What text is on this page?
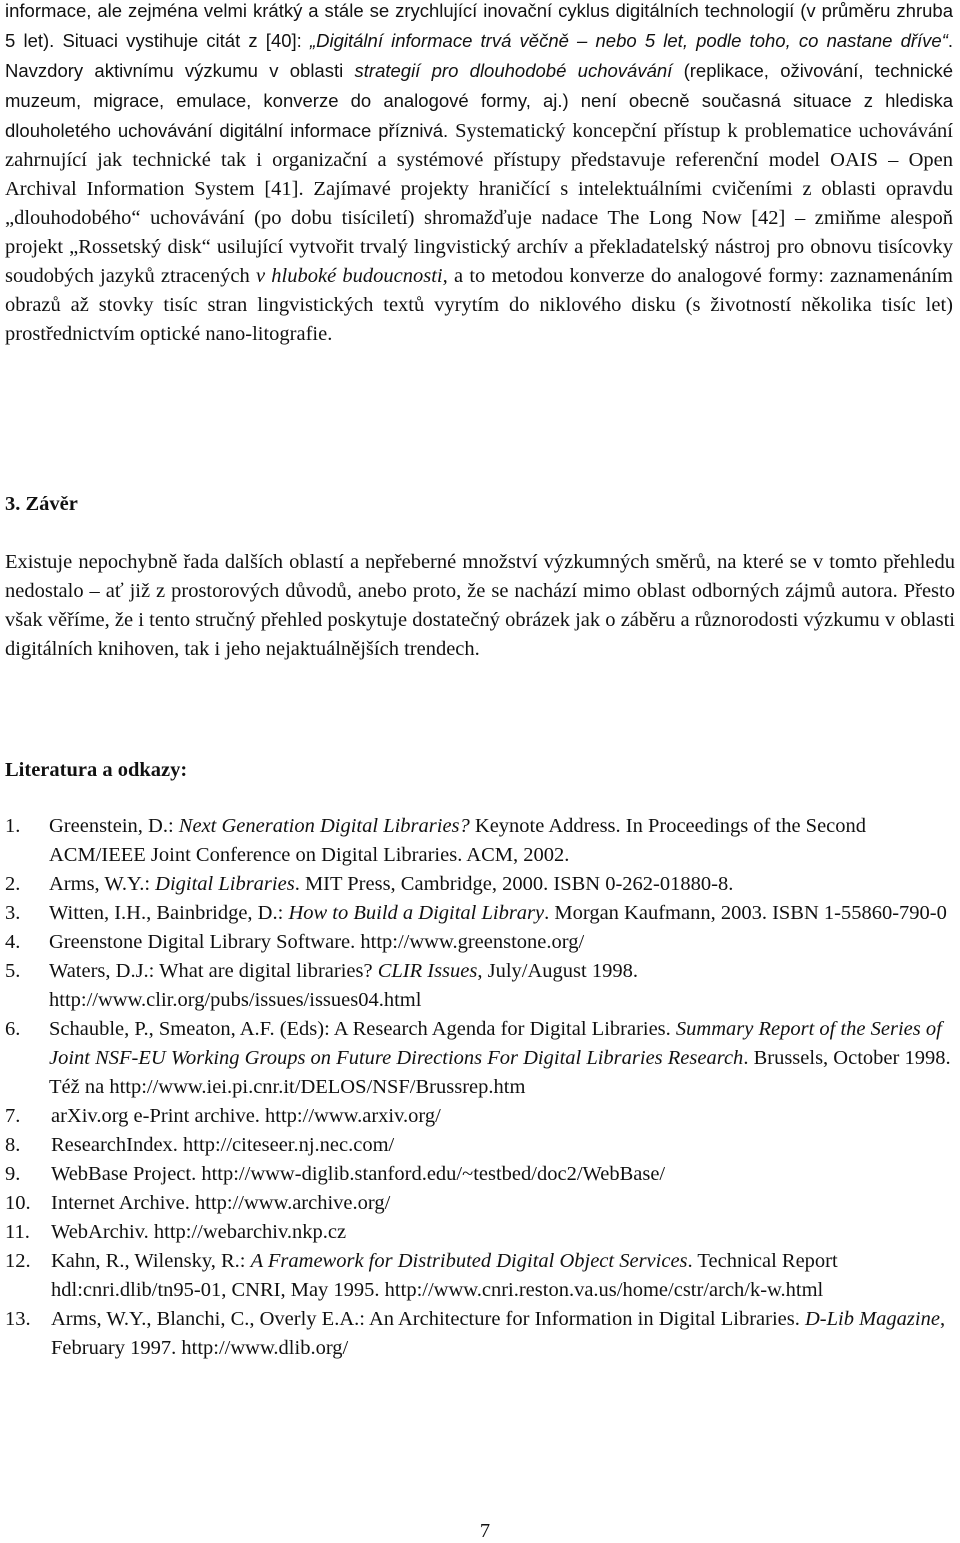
informace, ale zejména velmi krátký a stále se zrychlující inovační cyklus digitálních technologií (v průměru zhruba 5 let). Situaci vystihuje citát z [40]: „Digitální informace trvá věčně – nebo 5 let, podle toho, co nastane dříve“. Navzdory aktivnímu výzkumu v oblasti strategií pro dlouhodobé uchovávání (replikace, oživování, technické muzeum, migrace, emulace, konverze do analogové formy, aj.) není obecně současná situace z hlediska dlouholetého uchovávání digitální informace příznivá. Systematický koncepční přístup k problematice uchovávání zahrnující jak technické tak i organizační a systémové přístupy představuje referenční model OAIS – Open Archival Information System [41]. Zajímavé projekty hraničící s intelektuálními cvičeními z oblasti opravdu „dlouhodobého“ uchovávání (po dobu tisíciletí) shromažďuje nadace The Long Now [42] – zmiňme alespoň projekt „Rossetský disk“ usilující vytvořit trvalý lingvistický archív a překladatelský nástroj pro obnovu tisícovky soudobých jazyků ztracených v hluboké budoucnosti, a to metodou konverze do analogové formy: zaznamenáním obrazů až stovky tisíc stran lingvistických textů vyrytím do niklového disku (s životností několika tisíc let) prostřednictvím optické nano-litografie.

3. Závěr

Existuje nepochybně řada dalších oblastí a nepřeberné množství výzkumných směrů, na které se v tomto přehledu nedostalo – ať již z prostorových důvodů, anebo proto, že se nachází mimo oblast odborných zájmů autora. Přesto však věříme, že i tento stručný přehled poskytuje dostatečný obrázek jak o záběru a různorodosti výzkumu v oblasti digitálních knihoven, tak i jeho nejaktuálnějších trendech.

Literatura a odkazy:
1. Greenstein, D.: Next Generation Digital Libraries? Keynote Address. In Proceedings of the Second ACM/IEEE Joint Conference on Digital Libraries. ACM, 2002.
2. Arms, W.Y.: Digital Libraries. MIT Press, Cambridge, 2000. ISBN 0-262-01880-8.
3. Witten, I.H., Bainbridge, D.: How to Build a Digital Library. Morgan Kaufmann, 2003. ISBN 1-55860-790-0
4. Greenstone Digital Library Software. http://www.greenstone.org/
5. Waters, D.J.: What are digital libraries? CLIR Issues, July/August 1998. http://www.clir.org/pubs/issues/issues04.html
6. Schauble, P., Smeaton, A.F. (Eds): A Research Agenda for Digital Libraries. Summary Report of the Series of Joint NSF-EU Working Groups on Future Directions For Digital Libraries Research. Brussels, October 1998. Též na http://www.iei.pi.cnr.it/DELOS/NSF/Brussrep.htm
7. arXiv.org e-Print archive. http://www.arxiv.org/
8. ResearchIndex. http://citeseer.nj.nec.com/
9. WebBase Project. http://www-diglib.stanford.edu/~testbed/doc2/WebBase/
10. Internet Archive. http://www.archive.org/
11. WebArchiv. http://webarchiv.nkp.cz
12. Kahn, R., Wilensky, R.: A Framework for Distributed Digital Object Services. Technical Report hdl:cnri.dlib/tn95-01, CNRI, May 1995. http://www.cnri.reston.va.us/home/cstr/arch/k-w.html
13. Arms, W.Y., Blanchi, C., Overly E.A.: An Architecture for Information in Digital Libraries. D-Lib Magazine, February 1997. http://www.dlib.org/
7
